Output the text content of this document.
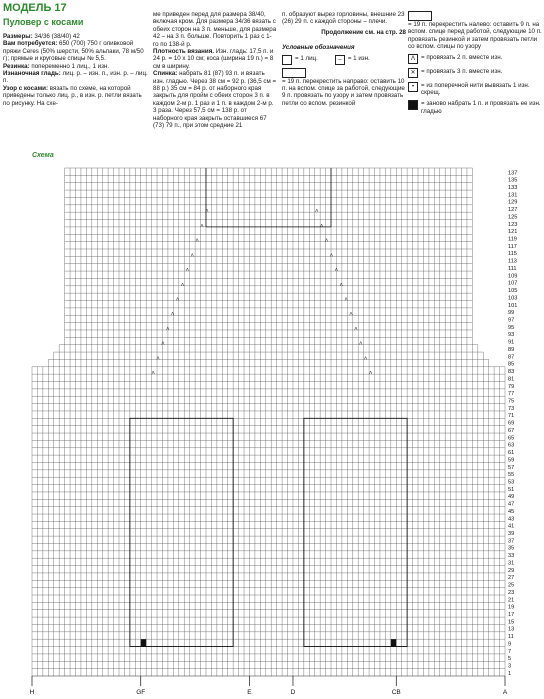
МОДЕЛЬ 17
Пуловер с косами

Размеры: 34/36 (38/40) 42

Вам потребуется: 650 (700) 750 г оливковой пряжи Ceres (50% шерсти, 50% альпаки, 78 м/50 г); прямые и круговые спицы № 5,5.

Резинка: попеременно 1 лиц., 1 изн.

Изнаночная гладь: лиц. р. – изн. п., изн. р. – лиц. п.

Узор с косами: вязать по схеме, на которой приведены только лиц. р., в изн. р. петли вязать по рисунку. На схе-

ме приведен перед для размера 38/40, включая кром. Для размера 34/36 вязать с обеих сторон на 3 п. меньше, для размера 42 – на 3 п. больше. Повторить 1 раз с 1-го по 138-й р.

Плотность вязания. Изн. гладь: 17,5 п. и 24 р. = 10 x 10 см; коса (ширина 19 п.) = 8 см в ширину.

Спинка: набрать 81 (87) 93 п. и вязать изн. гладью. Через 38 см = 92 р. (36,5 см = 88 р.) 35 см = 84 р. от наборного края закрыть для пройм с обеих сторон 3 п. в каждом 2-м р. 1 раз и 1 п. в каждом 2-м р. 3 раза. Через 57,5 см = 138 р. от наборного края закрыть оставшиеся 67 (73) 79 п., при этом средние 21

п. образуют вырез горловины, внешние 23 (26) 29 п. с каждой стороны – плечи.

Продолжение см. на стр. 28

Условные обозначения

= 1 лиц.	–	= 1 изн.

= 19 п. перекрестить направо: оставить 10 п. на вспом. спице за работой, следующие 9 п. провязать по узору и затем провязать петли со вспом. резинкой

= 19 п. перекрестить налево: оставить 9 п. на вспом. спице перед работой, следующие 10 п. провязать резинкой и затем провязать петли со вспом. спицы по узору

Λ = провязать 2 п. вместе изн.
✕ = провязать 3 п. вместе изн.
•	= из поперечной нити вывязать 1 изн. скрещ.
= заново набрать 1 п. и провязать ее изн. гладью
Схема
Λ	Λ
Λ	Λ
Λ	Λ
Λ	Λ
Λ	Λ
Λ	Λ
Λ	Λ
Λ	Λ
Λ	Λ
Λ	Λ
Λ	Λ
Λ	Λ
137
135
133
131
129
127
125
123
121
119
117
115
113
111
109
107
105
103
101
99
97
95
93
91
89
87
85
83
81
79
77
75
73
71
69
67
65
63
61
59
57
55
53
51
49
47
45
43
41
39
37
35
33
31
29
27
25
23
21
19
17
15
13
11
9
7
5
3
1
H	GF	E	D	CB	A
